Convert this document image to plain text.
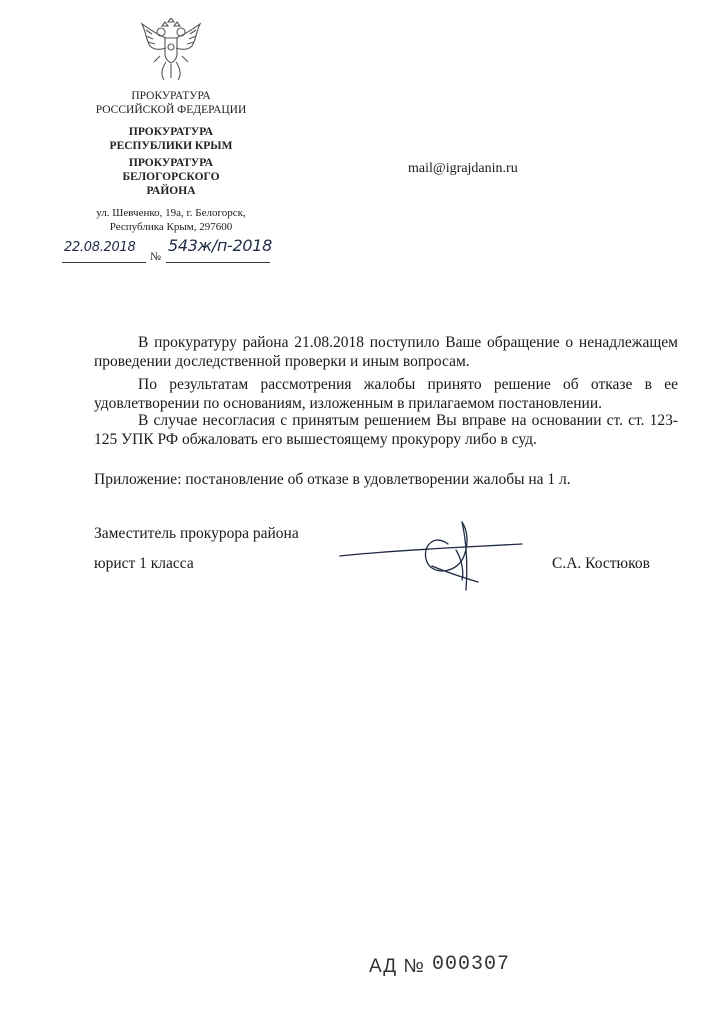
ПРОКУРАТУРА
РОССИЙСКОЙ ФЕДЕРАЦИИ
ПРОКУРАТУРА
РЕСПУБЛИКИ КРЫМ
ПРОКУРАТУРА
БЕЛОГОРСКОГО
РАЙОНА
ул. Шевченко, 19а, г. Белогорск,
Республика Крым, 297600
22.08.2018
№
543ж/п-2018
mail@igrajdanin.ru
В прокуратуру района 21.08.2018 поступило Ваше обращение о ненадлежащем проведении доследственной проверки и иным вопросам.
По результатам рассмотрения жалобы принято решение об отказе в ее удовлетворении по основаниям, изложенным в прилагаемом постановлении.
В случае несогласия с принятым решением Вы вправе на основании ст. ст. 123-125 УПК РФ обжаловать его вышестоящему прокурору либо в суд.
Приложение: постановление об отказе в удовлетворении жалобы на 1 л.
Заместитель прокурора района
юрист 1 класса	С.А. Костюков
АД № 000307
